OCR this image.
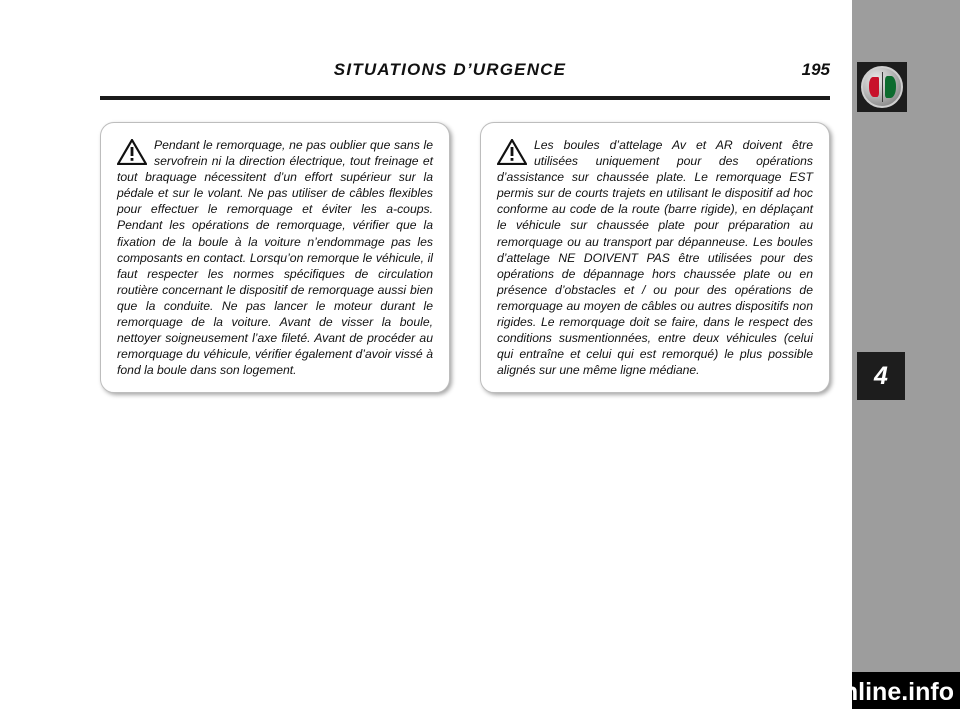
SITUATIONS D’URGENCE	195

Pendant le remorquage, ne pas oublier que sans le servofrein ni la direction électrique, tout freinage et tout braquage nécessitent d’un effort supérieur sur la pédale et sur le volant. Ne pas utiliser de câbles flexibles pour effectuer le remorquage et éviter les a-coups. Pendant les opérations de remorquage, vérifier que la fixation de la boule à la voiture n’endommage pas les composants en contact. Lorsqu’on remorque le véhicule, il faut respecter les normes spécifiques de circulation routière concernant le dispositif de remorquage aussi bien que la conduite. Ne pas lancer le moteur durant le remorquage de la voiture. Avant de visser la boule, nettoyer soigneusement l’axe fileté. Avant de procéder au remorquage du véhicule, vérifier également d’avoir vissé à fond la boule dans son logement.

Les boules d’attelage Av et AR doivent être utilisées uniquement pour des opérations d’assistance sur chaussée plate. Le remorquage EST permis sur de courts trajets en utilisant le dispositif ad hoc conforme au code de la route (barre rigide), en déplaçant le véhicule sur chaussée plate pour préparation au remorquage ou au transport par dépanneuse. Les boules d’attelage NE DOIVENT PAS être utilisées pour des opérations de dépannage hors chaussée plate ou en présence d’obstacles et / ou pour des opérations de remorquage au moyen de câbles ou autres dispositifs non rigides. Le remorquage doit se faire, dans le respect des conditions susmentionnées, entre deux véhicules (celui qui entraîne et celui qui est remorqué) le plus possible alignés sur une même ligne médiane.	4
carmanualsonline.info
